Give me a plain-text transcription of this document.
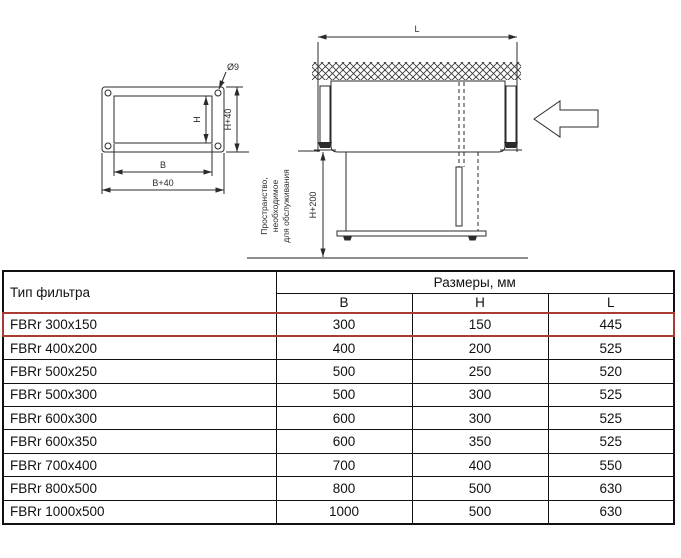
Ø9
H H+40
B
B+40
L
H+200
Пространство, необходимое для обслуживания
Тип фильтра	Размеры, мм		
	B	H	L
FBRr 300x150	300	150	445
FBRr 400x200	400	200	525
FBRr 500x250	500	250	520
FBRr 500x300	500	300	525
FBRr 600x300	600	300	525
FBRr 600x350	600	350	525
FBRr 700x400	700	400	550
FBRr 800x500	800	500	630
FBRr 1000x500	1000	500	630
